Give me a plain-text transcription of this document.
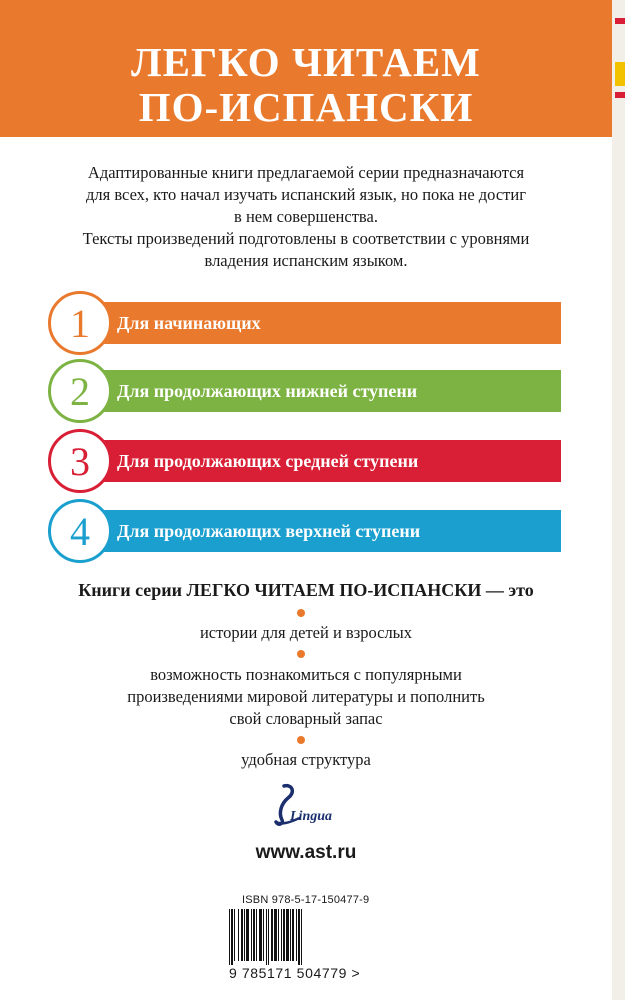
ЛЕГКО ЧИТАЕМ
ПО-ИСПАНСКИ
Адаптированные книги предлагаемой серии предназначаются
для всех, кто начал изучать испанский язык, но пока не достиг
в нем совершенства.
Тексты произведений подготовлены в соответствии с уровнями
владения испанским языком.
1 Для начинающих
2 Для продолжающих нижней ступени
3 Для продолжающих средней ступени
4 Для продолжающих верхней ступени
Книги серии ЛЕГКО ЧИТАЕМ ПО-ИСПАНСКИ — это
истории для детей и взрослых
возможность познакомиться с популярными
произведениями мировой литературы и пополнить
свой словарный запас
удобная структура
Lingua
www.ast.ru
ISBN 978-5-17-150477-9
9 785171 504779 >
